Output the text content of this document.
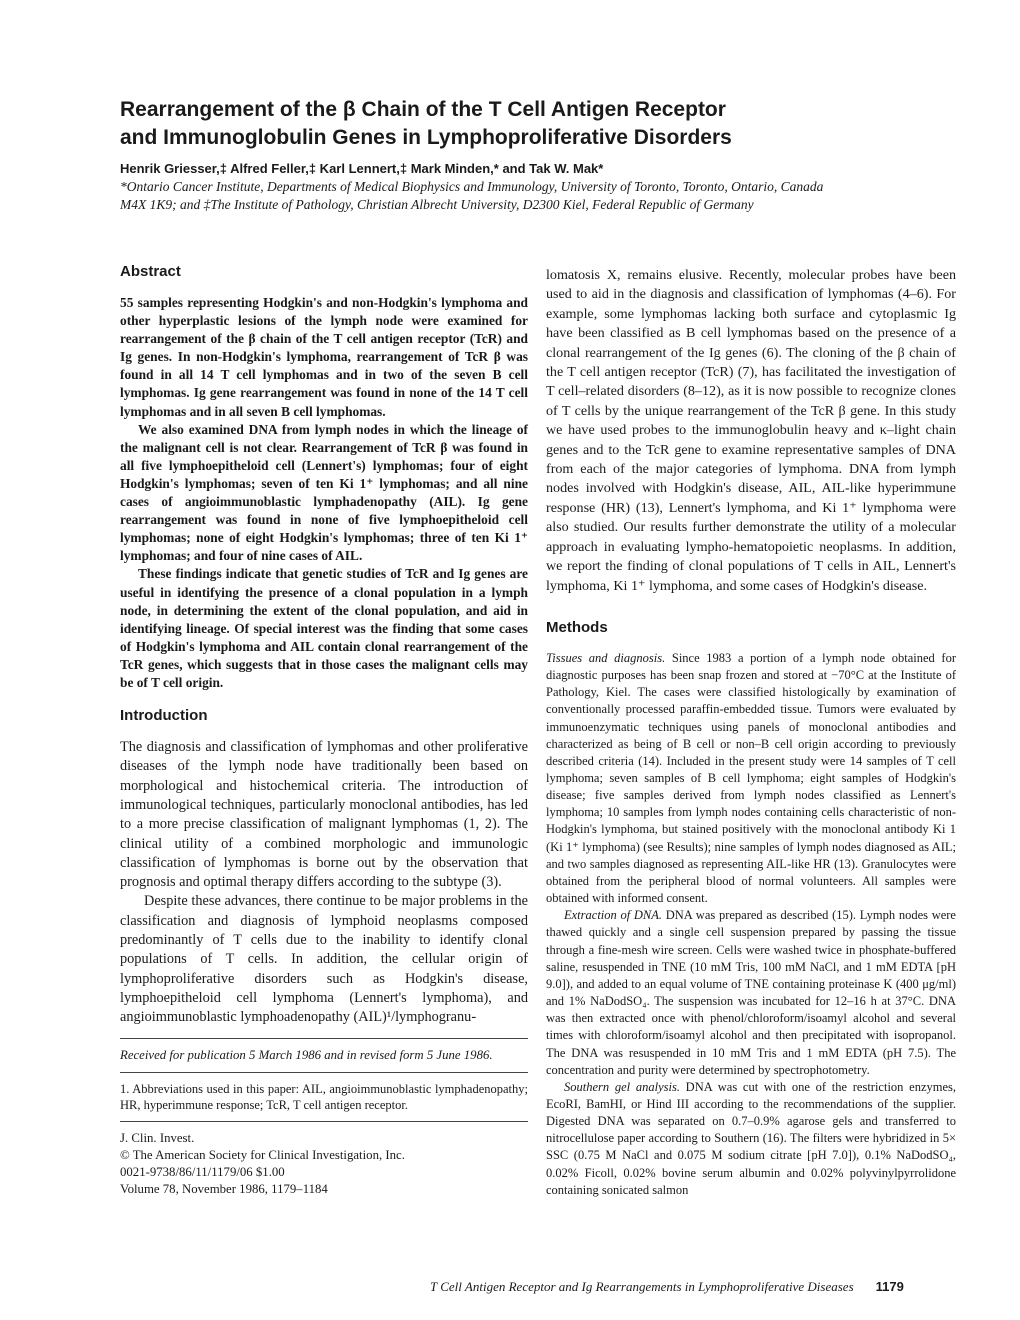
Rearrangement of the β Chain of the T Cell Antigen Receptor
and Immunoglobulin Genes in Lymphoproliferative Disorders
Henrik Griesser,‡ Alfred Feller,‡ Karl Lennert,‡ Mark Minden,* and Tak W. Mak*
*Ontario Cancer Institute, Departments of Medical Biophysics and Immunology, University of Toronto, Toronto, Ontario, Canada
M4X 1K9; and ‡The Institute of Pathology, Christian Albrecht University, D2300 Kiel, Federal Republic of Germany
Abstract

55 samples representing Hodgkin's and non-Hodgkin's lymphoma and other hyperplastic lesions of the lymph node were examined for rearrangement of the β chain of the T cell antigen receptor (TcR) and Ig genes. In non-Hodgkin's lymphoma, rearrangement of TcR β was found in all 14 T cell lymphomas and in two of the seven B cell lymphomas. Ig gene rearrangement was found in none of the 14 T cell lymphomas and in all seven B cell lymphomas.

We also examined DNA from lymph nodes in which the lineage of the malignant cell is not clear. Rearrangement of TcR β was found in all five lymphoepitheloid cell (Lennert's) lymphomas; four of eight Hodgkin's lymphomas; seven of ten Ki 1⁺ lymphomas; and all nine cases of angioimmunoblastic lymphadenopathy (AIL). Ig gene rearrangement was found in none of five lymphoepitheloid cell lymphomas; none of eight Hodgkin's lymphomas; three of ten Ki 1⁺ lymphomas; and four of nine cases of AIL.

These findings indicate that genetic studies of TcR and Ig genes are useful in identifying the presence of a clonal population in a lymph node, in determining the extent of the clonal population, and aid in identifying lineage. Of special interest was the finding that some cases of Hodgkin's lymphoma and AIL contain clonal rearrangement of the TcR genes, which suggests that in those cases the malignant cells may be of T cell origin.

Introduction

The diagnosis and classification of lymphomas and other proliferative diseases of the lymph node have traditionally been based on morphological and histochemical criteria. The introduction of immunological techniques, particularly monoclonal antibodies, has led to a more precise classification of malignant lymphomas (1, 2). The clinical utility of a combined morphologic and immunologic classification of lymphomas is borne out by the observation that prognosis and optimal therapy differs according to the subtype (3).

Despite these advances, there continue to be major problems in the classification and diagnosis of lymphoid neoplasms composed predominantly of T cells due to the inability to identify clonal populations of T cells. In addition, the cellular origin of lymphoproliferative disorders such as Hodgkin's disease, lymphoepitheloid cell lymphoma (Lennert's lymphoma), and angioimmunoblastic lymphoadenopathy (AIL)¹/lymphogranu-

Received for publication 5 March 1986 and in revised form 5 June 1986.

1. Abbreviations used in this paper: AIL, angioimmunoblastic lymphadenopathy; HR, hyperimmune response; TcR, T cell antigen receptor.

J. Clin. Invest.
© The American Society for Clinical Investigation, Inc.
0021-9738/86/11/1179/06 $1.00
Volume 78, November 1986, 1179–1184

lomatosis X, remains elusive. Recently, molecular probes have been used to aid in the diagnosis and classification of lymphomas (4–6). For example, some lymphomas lacking both surface and cytoplasmic Ig have been classified as B cell lymphomas based on the presence of a clonal rearrangement of the Ig genes (6). The cloning of the β chain of the T cell antigen receptor (TcR) (7), has facilitated the investigation of T cell–related disorders (8–12), as it is now possible to recognize clones of T cells by the unique rearrangement of the TcR β gene. In this study we have used probes to the immunoglobulin heavy and κ–light chain genes and to the TcR gene to examine representative samples of DNA from each of the major categories of lymphoma. DNA from lymph nodes involved with Hodgkin's disease, AIL, AIL-like hyperimmune response (HR) (13), Lennert's lymphoma, and Ki 1⁺ lymphoma were also studied. Our results further demonstrate the utility of a molecular approach in evaluating lympho-hematopoietic neoplasms. In addition, we report the finding of clonal populations of T cells in AIL, Lennert's lymphoma, Ki 1⁺ lymphoma, and some cases of Hodgkin's disease.

Methods

Tissues and diagnosis. Since 1983 a portion of a lymph node obtained for diagnostic purposes has been snap frozen and stored at −70°C at the Institute of Pathology, Kiel. The cases were classified histologically by examination of conventionally processed paraffin-embedded tissue. Tumors were evaluated by immunoenzymatic techniques using panels of monoclonal antibodies and characterized as being of B cell or non–B cell origin according to previously described criteria (14). Included in the present study were 14 samples of T cell lymphoma; seven samples of B cell lymphoma; eight samples of Hodgkin's disease; five samples derived from lymph nodes classified as Lennert's lymphoma; 10 samples from lymph nodes containing cells characteristic of non-Hodgkin's lymphoma, but stained positively with the monoclonal antibody Ki 1 (Ki 1⁺ lymphoma) (see Results); nine samples of lymph nodes diagnosed as AIL; and two samples diagnosed as representing AIL-like HR (13). Granulocytes were obtained from the peripheral blood of normal volunteers. All samples were obtained with informed consent.

Extraction of DNA. DNA was prepared as described (15). Lymph nodes were thawed quickly and a single cell suspension prepared by passing the tissue through a fine-mesh wire screen. Cells were washed twice in phosphate-buffered saline, resuspended in TNE (10 mM Tris, 100 mM NaCl, and 1 mM EDTA [pH 9.0]), and added to an equal volume of TNE containing proteinase K (400 μg/ml) and 1% NaDodSO₄. The suspension was incubated for 12–16 h at 37°C. DNA was then extracted once with phenol/chloroform/isoamyl alcohol and several times with chloroform/isoamyl alcohol and then precipitated with isopropanol. The DNA was resuspended in 10 mM Tris and 1 mM EDTA (pH 7.5). The concentration and purity were determined by spectrophotometry.

Southern gel analysis. DNA was cut with one of the restriction enzymes, EcoRI, BamHI, or Hind III according to the recommendations of the supplier. Digested DNA was separated on 0.7–0.9% agarose gels and transferred to nitrocellulose paper according to Southern (16). The filters were hybridized in 5× SSC (0.75 M NaCl and 0.075 M sodium citrate [pH 7.0]), 0.1% NaDodSO₄, 0.02% Ficoll, 0.02% bovine serum albumin and 0.02% polyvinylpyrrolidone containing sonicated salmon

T Cell Antigen Receptor and Ig Rearrangements in Lymphoproliferative Diseases 1179
